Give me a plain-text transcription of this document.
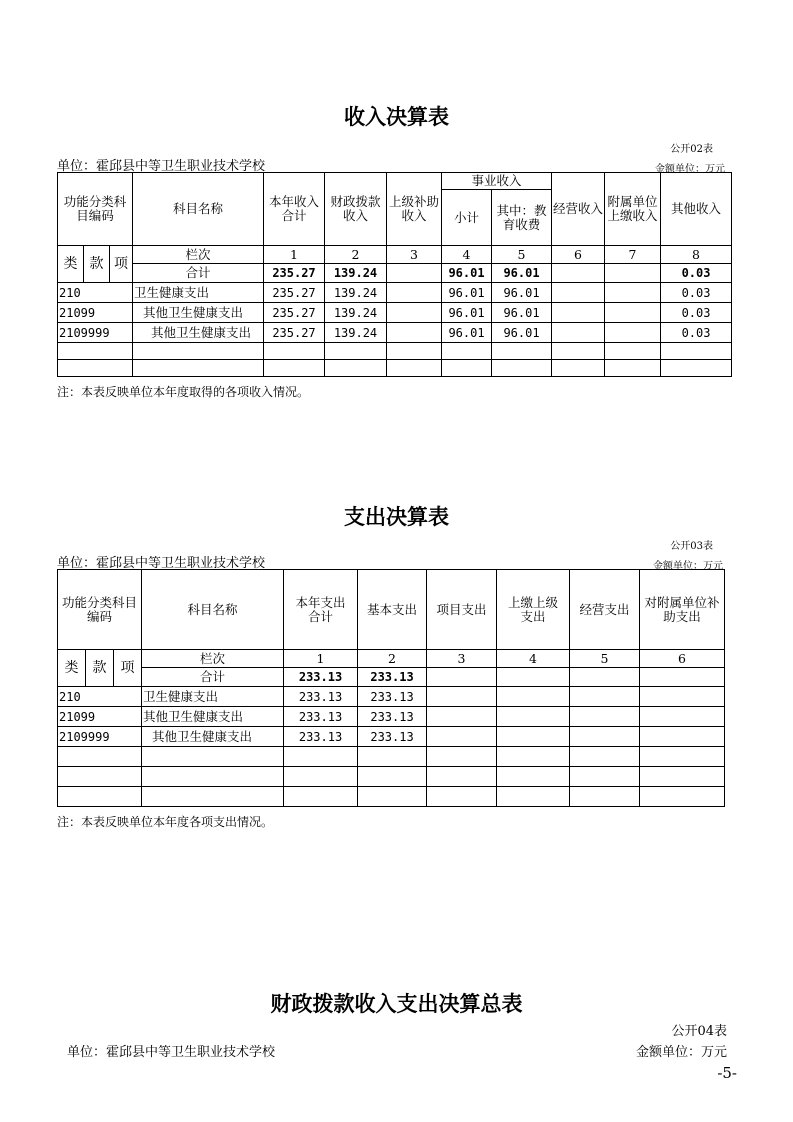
收入决算表
公开02表
单位：霍邱县中等卫生职业技术学校	金额单位：万元
功能分类科目编码			科目名称	本年收入合计	财政拨款收入	上级补助收入	事业收入		经营收入	附属单位上缴收入	其他收入
							小计	其中：教育收费			

类	款	项	栏次	1	2	3	4	5	6	7	8
			合计	235.27	139.24		96.01	96.01			0.03
210			卫生健康支出	235.27	139.24		96.01	96.01			0.03
21099			其他卫生健康支出	235.27	139.24		96.01	96.01			0.03
2109999			其他卫生健康支出	235.27	139.24		96.01	96.01			0.03

注：本表反映单位本年度取得的各项收入情况。
支出决算表
公开03表
单位：霍邱县中等卫生职业技术学校	金额单位：万元
功能分类科目编码			科目名称	本年支出合计	基本支出	项目支出	上缴上级支出	经营支出	对附属单位补助支出
类	款	项	栏次	1	2	3	4	5	6
			合计	233.13	233.13				
210			卫生健康支出	233.13	233.13				
21099			其他卫生健康支出	233.13	233.13				
2109999			其他卫生健康支出	233.13	233.13				

注：本表反映单位本年度各项支出情况。
财政拨款收入支出决算总表
公开04表
单位：霍邱县中等卫生职业技术学校	金额单位：万元
-5-
